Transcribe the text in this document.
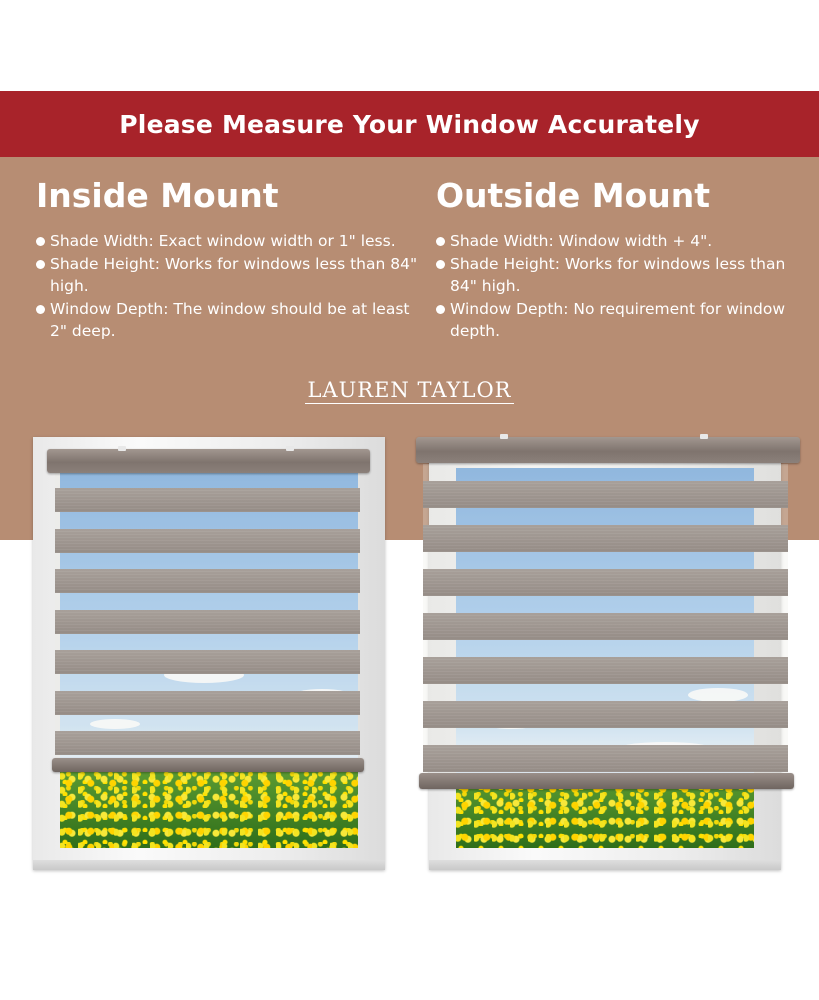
Please Measure Your Window Accurately
Inside Mount
Shade Width: Exact window width or 1" less.
Shade Height: Works for windows less than 84" high.
Window Depth: The window should be at least 2" deep.
Outside Mount
Shade Width: Window width + 4".
Shade Height: Works for windows less than 84" high.
Window Depth: No requirement for window depth.
LAUREN TAYLOR
